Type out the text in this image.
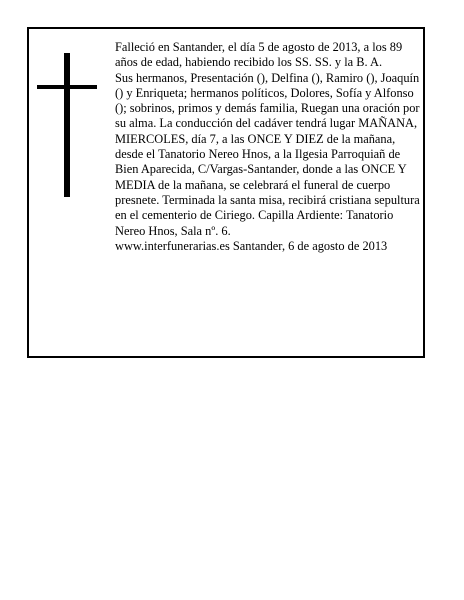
Falleció en Santander, el día 5 de agosto de 2013, a los 89 años de edad, habiendo recibido los SS. SS. y la B. A.

Sus hermanos, Presentación (), Delfina (), Ramiro (), Joaquín () y Enriqueta; hermanos políticos, Dolores, Sofía y Alfonso (); sobrinos, primos y demás familia, Ruegan una oración por su alma. La conducción del cadáver tendrá lugar MAÑANA, MIERCOLES, día 7, a las ONCE Y DIEZ de la mañana, desde el Tanatorio Nereo Hnos, a la Ilgesia Parroquiañ de Bien Aparecida, C/Vargas-Santander, donde a las ONCE Y MEDIA de la mañana, se celebrará el funeral de cuerpo presnete. Terminada la santa misa, recibirá cristiana sepultura en el cementerio de Ciriego. Capilla Ardiente: Tanatorio Nereo Hnos, Sala nº. 6.

www.interfunerarias.es Santander, 6 de agosto de 2013
